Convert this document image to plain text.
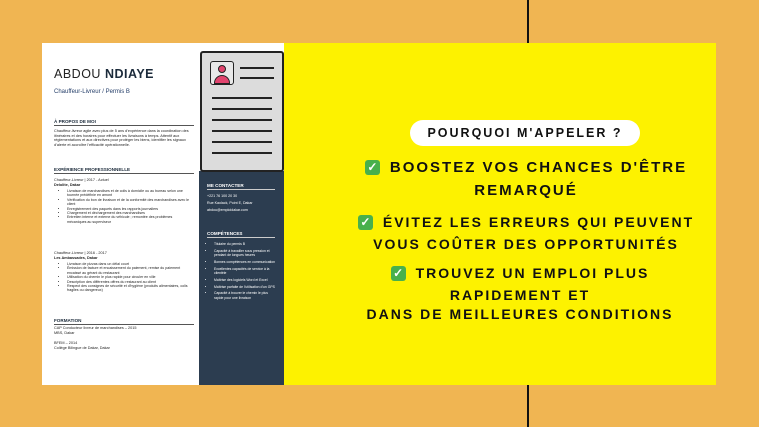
ABDOU NDIAYE
Chauffeur-Livreur / Permis B
À PROPOS DE MOI
Chauffeur-livreur agile avec plus de 5 ans d'expérience dans la coordination des itinéraires et des horaires pour effectuer les livraisons à temps. Attentif aux réglementations et aux directives pour protéger les biens, identifier les signaux d'alerte et accroître l'efficacité opérationnelle.
EXPÉRIENCE PROFESSIONNELLE
Chauffeur-Livreur | 2017 - Actuel
Delolite, Dakar
• Livraison de marchandises et de colis à domicile ou au bureau selon une tournée prédéfinie en amont
• Vérification du bon de livraison et de la conformité des marchandises avec le client
• Enregistrement des paquets dans les rapports journaliers
• Chargement et déchargement des marchandises
• Entretien interne et externe du véhicule ; remontée des problèmes mécaniques au superviseur
Chauffeur-Livreur | 2016 - 2017
Les Ambassades, Dakar
• Livraison de pizzas dans un délai court
• Émission de facture et encaissement du paiement, remise du paiement encaissé au gérant du restaurant
• Utilisation du chemin le plus rapide pour circuler en ville
• Description des différentes offres du restaurant au client
• Respect des consignes de sécurité et d'hygiène (produits alimentaires, colis fragiles ou dangereux)
FORMATION
CAP Conducteur livreur de marchandises – 2015
MBS, Dakar
BFEM – 2014
Collège Bilingue de Dakar, Dakar
ME CONTACTER
+221 76 100 20 30
Rue Kaolack, Point E, Dakar
abdou@emploidakar.com
COMPÉTENCES
• Titulaire du permis B
• Capacité à travailler sous pression et pendant de longues heures
• Bonnes compétences en communication
• Excellentes capacités de service à la clientèle
• Maîtrise des logiciels Word et Excel
• Maîtrise parfaite de l'utilisation d'un GPS
• Capacité à trouver le chemin le plus rapide pour une livraison
POURQUOI M'APPELER ?
✓ BOOSTEZ VOS CHANCES D'ÊTRE
REMARQUÉ
✓ ÉVITEZ LES ERREURS QUI PEUVENT
VOUS COÛTER DES OPPORTUNITÉS
✓ TROUVEZ UN EMPLOI PLUS
RAPIDEMENT ET
DANS DE MEILLEURES CONDITIONS
